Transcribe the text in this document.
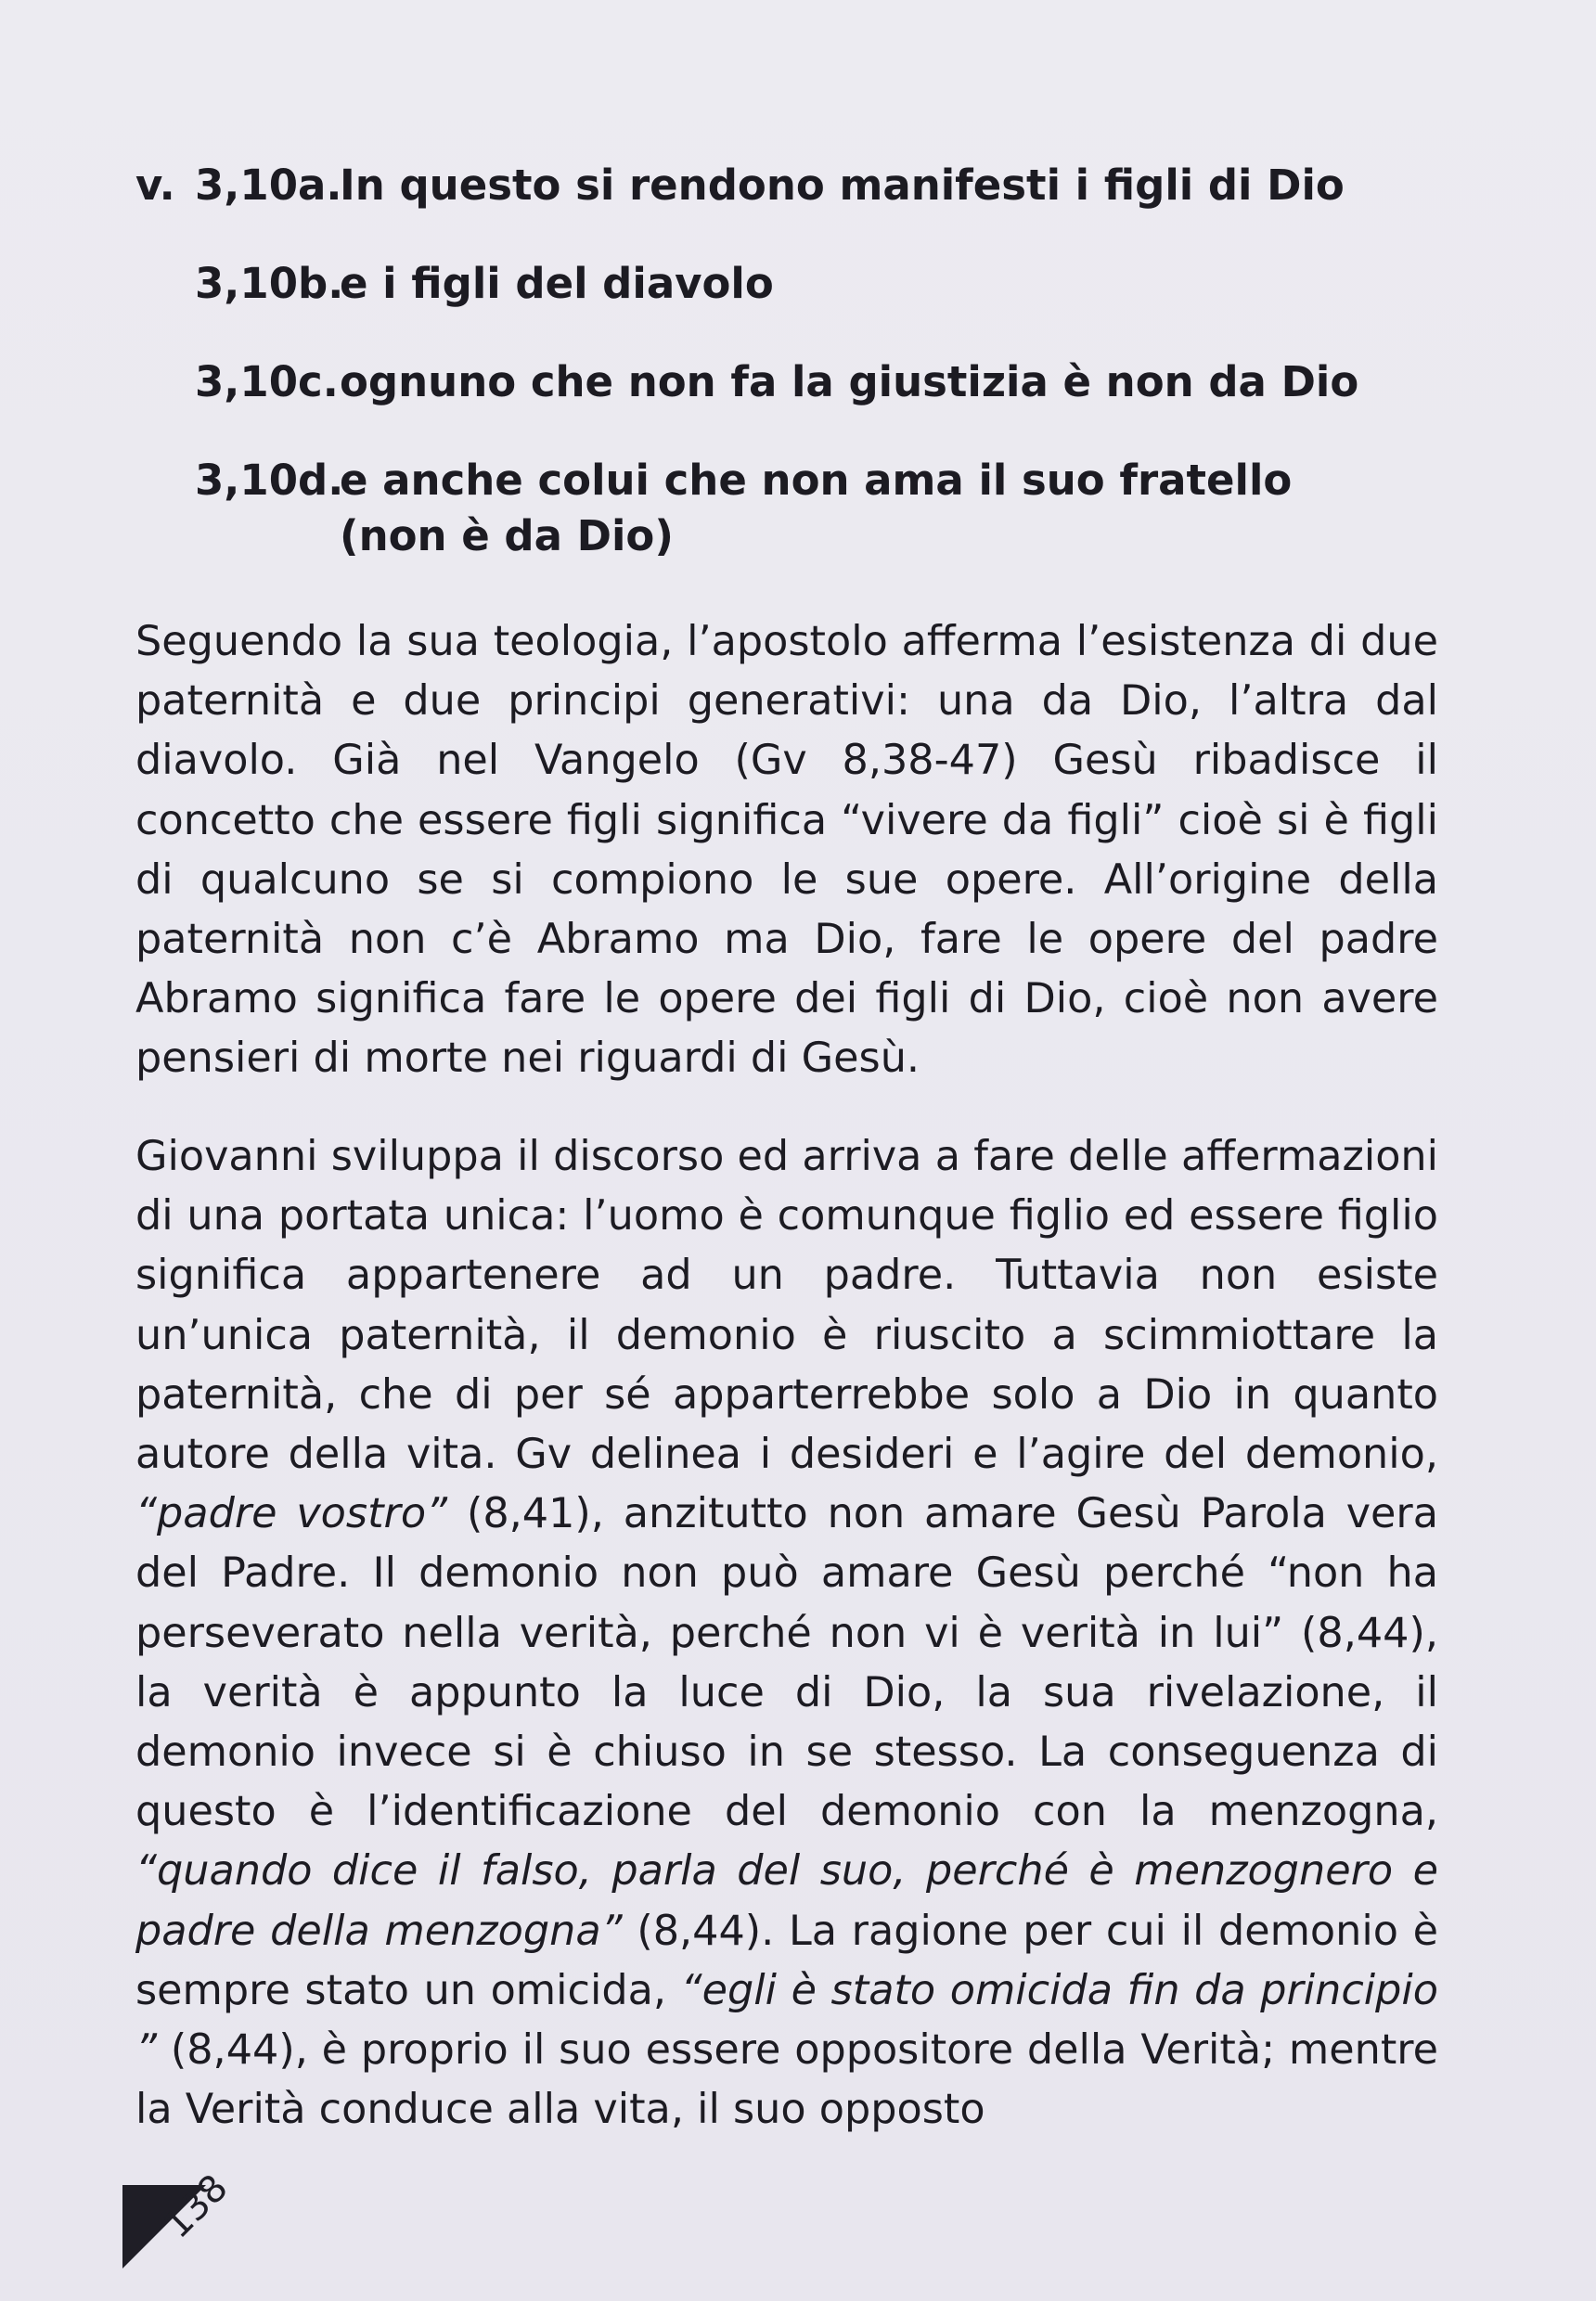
v. 3,10a.
In questo si rendono manifesti i figli di Dio
3,10b.
e i figli del diavolo
3,10c. ognuno che non fa la giustizia è non da Dio
3,10d.
e anche colui che non ama il suo fratello
(non è da Dio)

Seguendo la sua teologia, l’apostolo afferma l’esistenza di due paternità e due principi generativi: una da Dio, l’altra dal diavolo. Già nel Vangelo (Gv 8,38-47) Gesù ribadisce il concetto che essere figli significa “vivere da figli” cioè si è figli di qualcuno se si compiono le sue opere. All’origine della paternità non c’è Abramo ma Dio, fare le opere del padre Abramo significa fare le opere dei figli di Dio, cioè non avere pensieri di morte nei riguardi di Gesù.

Giovanni sviluppa il discorso ed arriva a fare delle affermazioni di una portata unica: l’uomo è comunque figlio ed essere figlio significa appartenere ad un padre. Tuttavia non esiste un’unica paternità, il demonio è riuscito a scimmiottare la paternità, che di per sé apparterrebbe solo a Dio in quanto autore della vita. Gv delinea i desideri e l’agire del demonio, “padre vostro” (8,41), anzitutto non amare Gesù Parola vera del Padre. Il demonio non può amare Gesù perché “non ha perseverato nella verità, perché non vi è verità in lui” (8,44), la verità è appunto la luce di Dio, la sua rivelazione, il demonio invece si è chiuso in se stesso. La conseguenza di questo è l’identificazione del demonio con la menzogna, “quando dice il falso, parla del suo, perché è menzognero e padre della menzogna” (8,44). La ragione per cui il demonio è sempre stato un omicida, “egli è stato omicida fin da principio ” (8,44), è proprio il suo essere oppositore della Verità; mentre la Verità conduce alla vita, il suo opposto

138
